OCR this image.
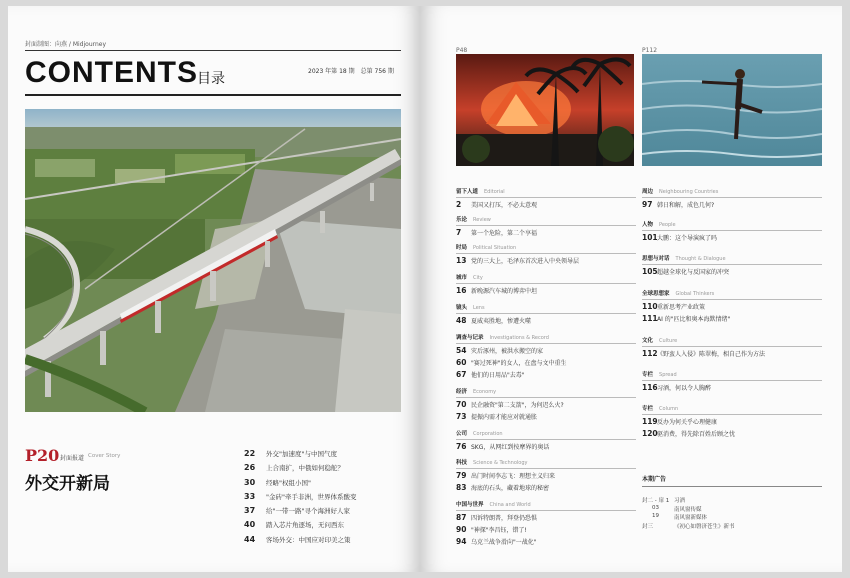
封面制图：向燕 / Midjourney
CONTENTS 目录	2023 年第 18 期　总第 756 期
P20 封面报道 Cover Story
外交开新局
22	外交"加速度"与中国气度
26	上合南扩，中俄如何稳舵？
30	经略"权组小国"
33	"金砖"牵手非洲，世界体系酸变
37	给"一带一路"寻个海洲好人家
40	踏入芯片角逐场，无问西东
44	客场外交：中国应对印美之策
P48	P112
留下人道 Editorial
2	美国又打压，不必太意观
乐论 Review
7	第一个危险，第二个享福
时局 Political Situation
13 党的三大上，毛泽东首次进入中央领导层
城市 City
16 新晚源汽车城的博弈中坦
镜头 Lens
48 夏威夷胜地，惨遭火噬
调查与记录 Investigations & Record
54 灾后涿州，被洪水搬空的家
60 "赛过死神"的女人，在盘与文中重生
67 他们的日用品"去毒"
经济 Economy
70 民企融资"第二支箭"，为何迟么火?
73 提振内需才能应对就通胀
公司 Corporation
76 SKG，从网红到按摩界的奥话
科技 Science & Technology
79 出门时间李志飞：理想主义归来
83 海底的石头，藏着地球的秘密
中国与世界 China and World
87 四诉特朗普，拜登仍恐惧
90 "神探"李昌钰，错了!
94 乌克兰战争滑向"一战化"
周边 Neighbouring Countries
97 韩日和解，成色几何?
人物 People
101 大鹏：这个导演疯了吗
思想与对话 Thought & Dialogue
105 超越全球化与反国家的冲突
全球思想家 Global Thinkers
110 重新思考产业政策
111 AI 的"匹比和奥本海默情绪"
文化 Culture
112 《野蛮人入侵》陈翠梅，相自己作为方法
专栏 Spread
116 习酒，何以令人胸醉
专栏 Column
119 反办为何关乎心理健康
120 驱消费，得先除百姓后顾之忧
本期广告
封二 - 扉 1 习酒
03	南风窗传媒
19	南风窗新媒体
封三	《初心如磐济苍生》新书
